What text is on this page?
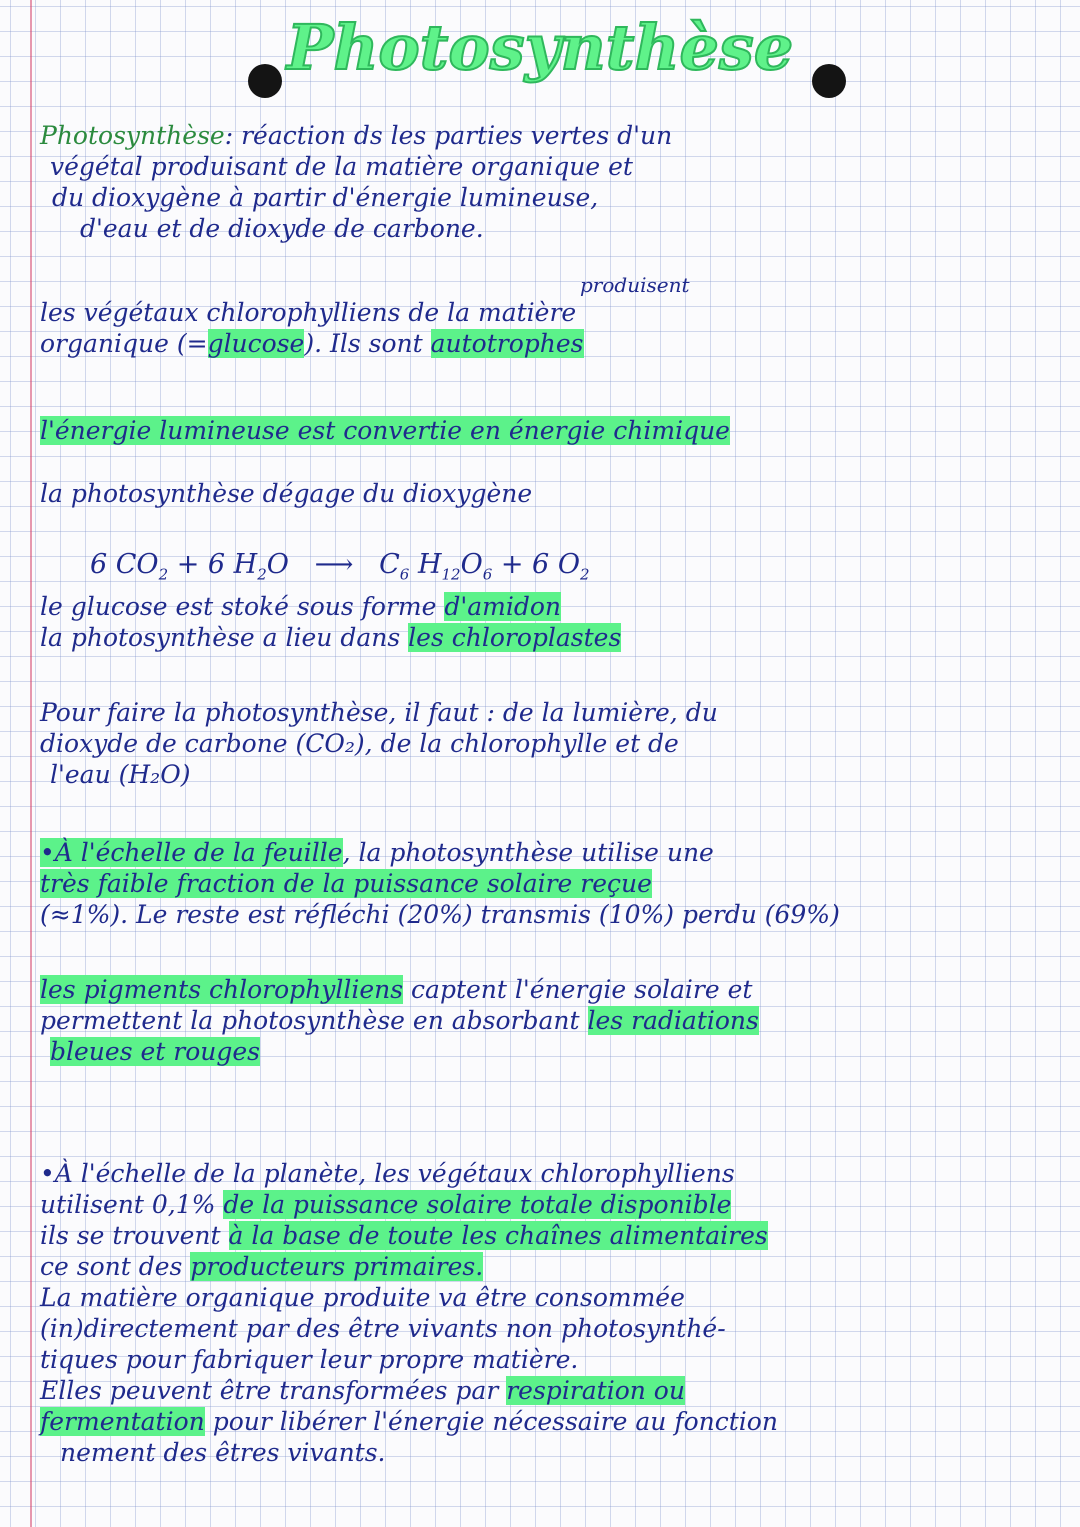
Photosynthèse
Photosynthèse: réaction ds les parties vertes d'un
végétal produisant de la matière organique et
du dioxygène à partir d'énergie lumineuse,
d'eau et de dioxyde de carbone.
produisent
les végétaux chlorophylliens de la matière
organique (=glucose). Ils sont autotrophes
l'énergie lumineuse est convertie en énergie chimique
la photosynthèse dégage du dioxygène
6 $CO_2 + 6$ $H_2O$ ⟶ $C_6$ $H_{12}O_6 + 6$ $O_2$
le glucose est stoké sous forme d'amidon
la photosynthèse a lieu dans les chloroplastes
Pour faire la photosynthèse, il faut : de la lumière, du
dioxyde de carbone (CO₂), de la chlorophylle et de
l'eau (H₂O)
•À l'échelle de la feuille, la photosynthèse utilise une
très faible fraction de la puissance solaire reçue
(≈1%). Le reste est réfléchi (20%) transmis (10%) perdu (69%)
les pigments chlorophylliens captent l'énergie solaire et
permettent la photosynthèse en absorbant les radiations
bleues et rouges
•À l'échelle de la planète, les végétaux chlorophylliens
utilisent 0,1% de la puissance solaire totale disponible
ils se trouvent à la base de toute les chaînes alimentaires
ce sont des producteurs primaires.
La matière organique produite va être consommée
(in)directement par des être vivants non photosynthé-
tiques pour fabriquer leur propre matière.
Elles peuvent être transformées par respiration ou
fermentation pour libérer l'énergie nécessaire au fonction
nement des êtres vivants.
